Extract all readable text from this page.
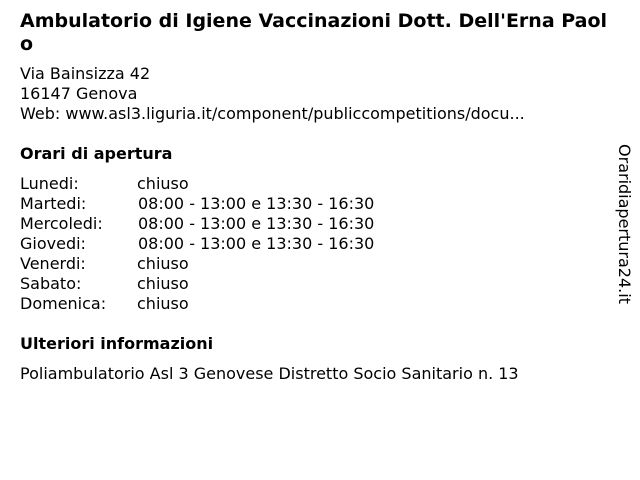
Ambulatorio di Igiene Vaccinazioni Dott. Dell'Erna Paolo
Via Bainsizza 42
16147 Genova
Web: www.asl3.liguria.it/component/publiccompetitions/docu...
Orari di apertura
Lunedi:	chiuso
Martedi:	08:00 - 13:00 e 13:30 - 16:30
Mercoledi: 08:00 - 13:00 e 13:30 - 16:30
Giovedi:	08:00 - 13:00 e 13:30 - 16:30
Venerdi:	chiuso
Sabato:	chiuso
Domenica: chiuso
Ulteriori informazioni
Poliambulatorio Asl 3 Genovese Distretto Socio Sanitario n. 13
Oraridiapertura24.it
